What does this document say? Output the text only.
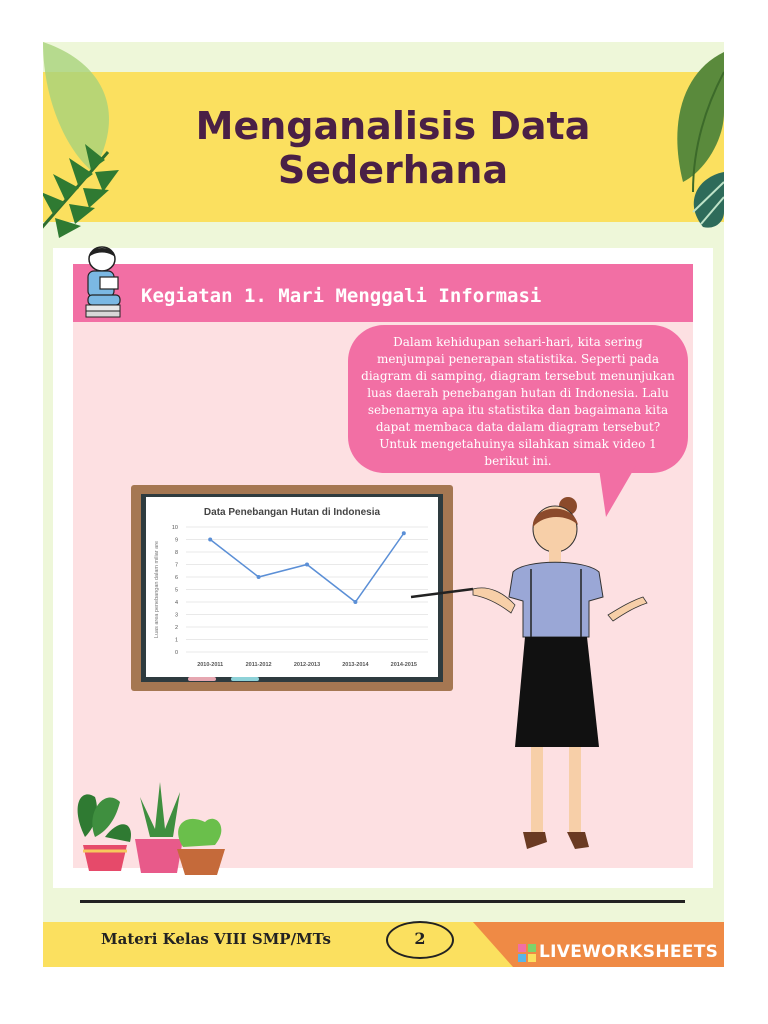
Menganalisis Data Sederhana
Kegiatan 1. Mari Menggali Informasi

Dalam kehidupan sehari-hari, kita sering menjumpai penerapan statistika. Seperti pada diagram di samping, diagram tersebut menunjukan luas daerah penebangan hutan di Indonesia. Lalu sebenarnya apa itu statistika dan bagaimana kita dapat membaca data dalam diagram tersebut? Untuk mengetahuinya silahkan simak video 1 berikut ini.

Data Penebangan Hutan di Indonesia
0
1
2
3
4
5
6
7
8
9
10
Luas area penebangan dalam miliar are
2010-2011	2011-2012	2012-2013	2013-2014	2014-2015
Materi Kelas VIII SMP/MTs	2
LIVEWORKSHEETS
